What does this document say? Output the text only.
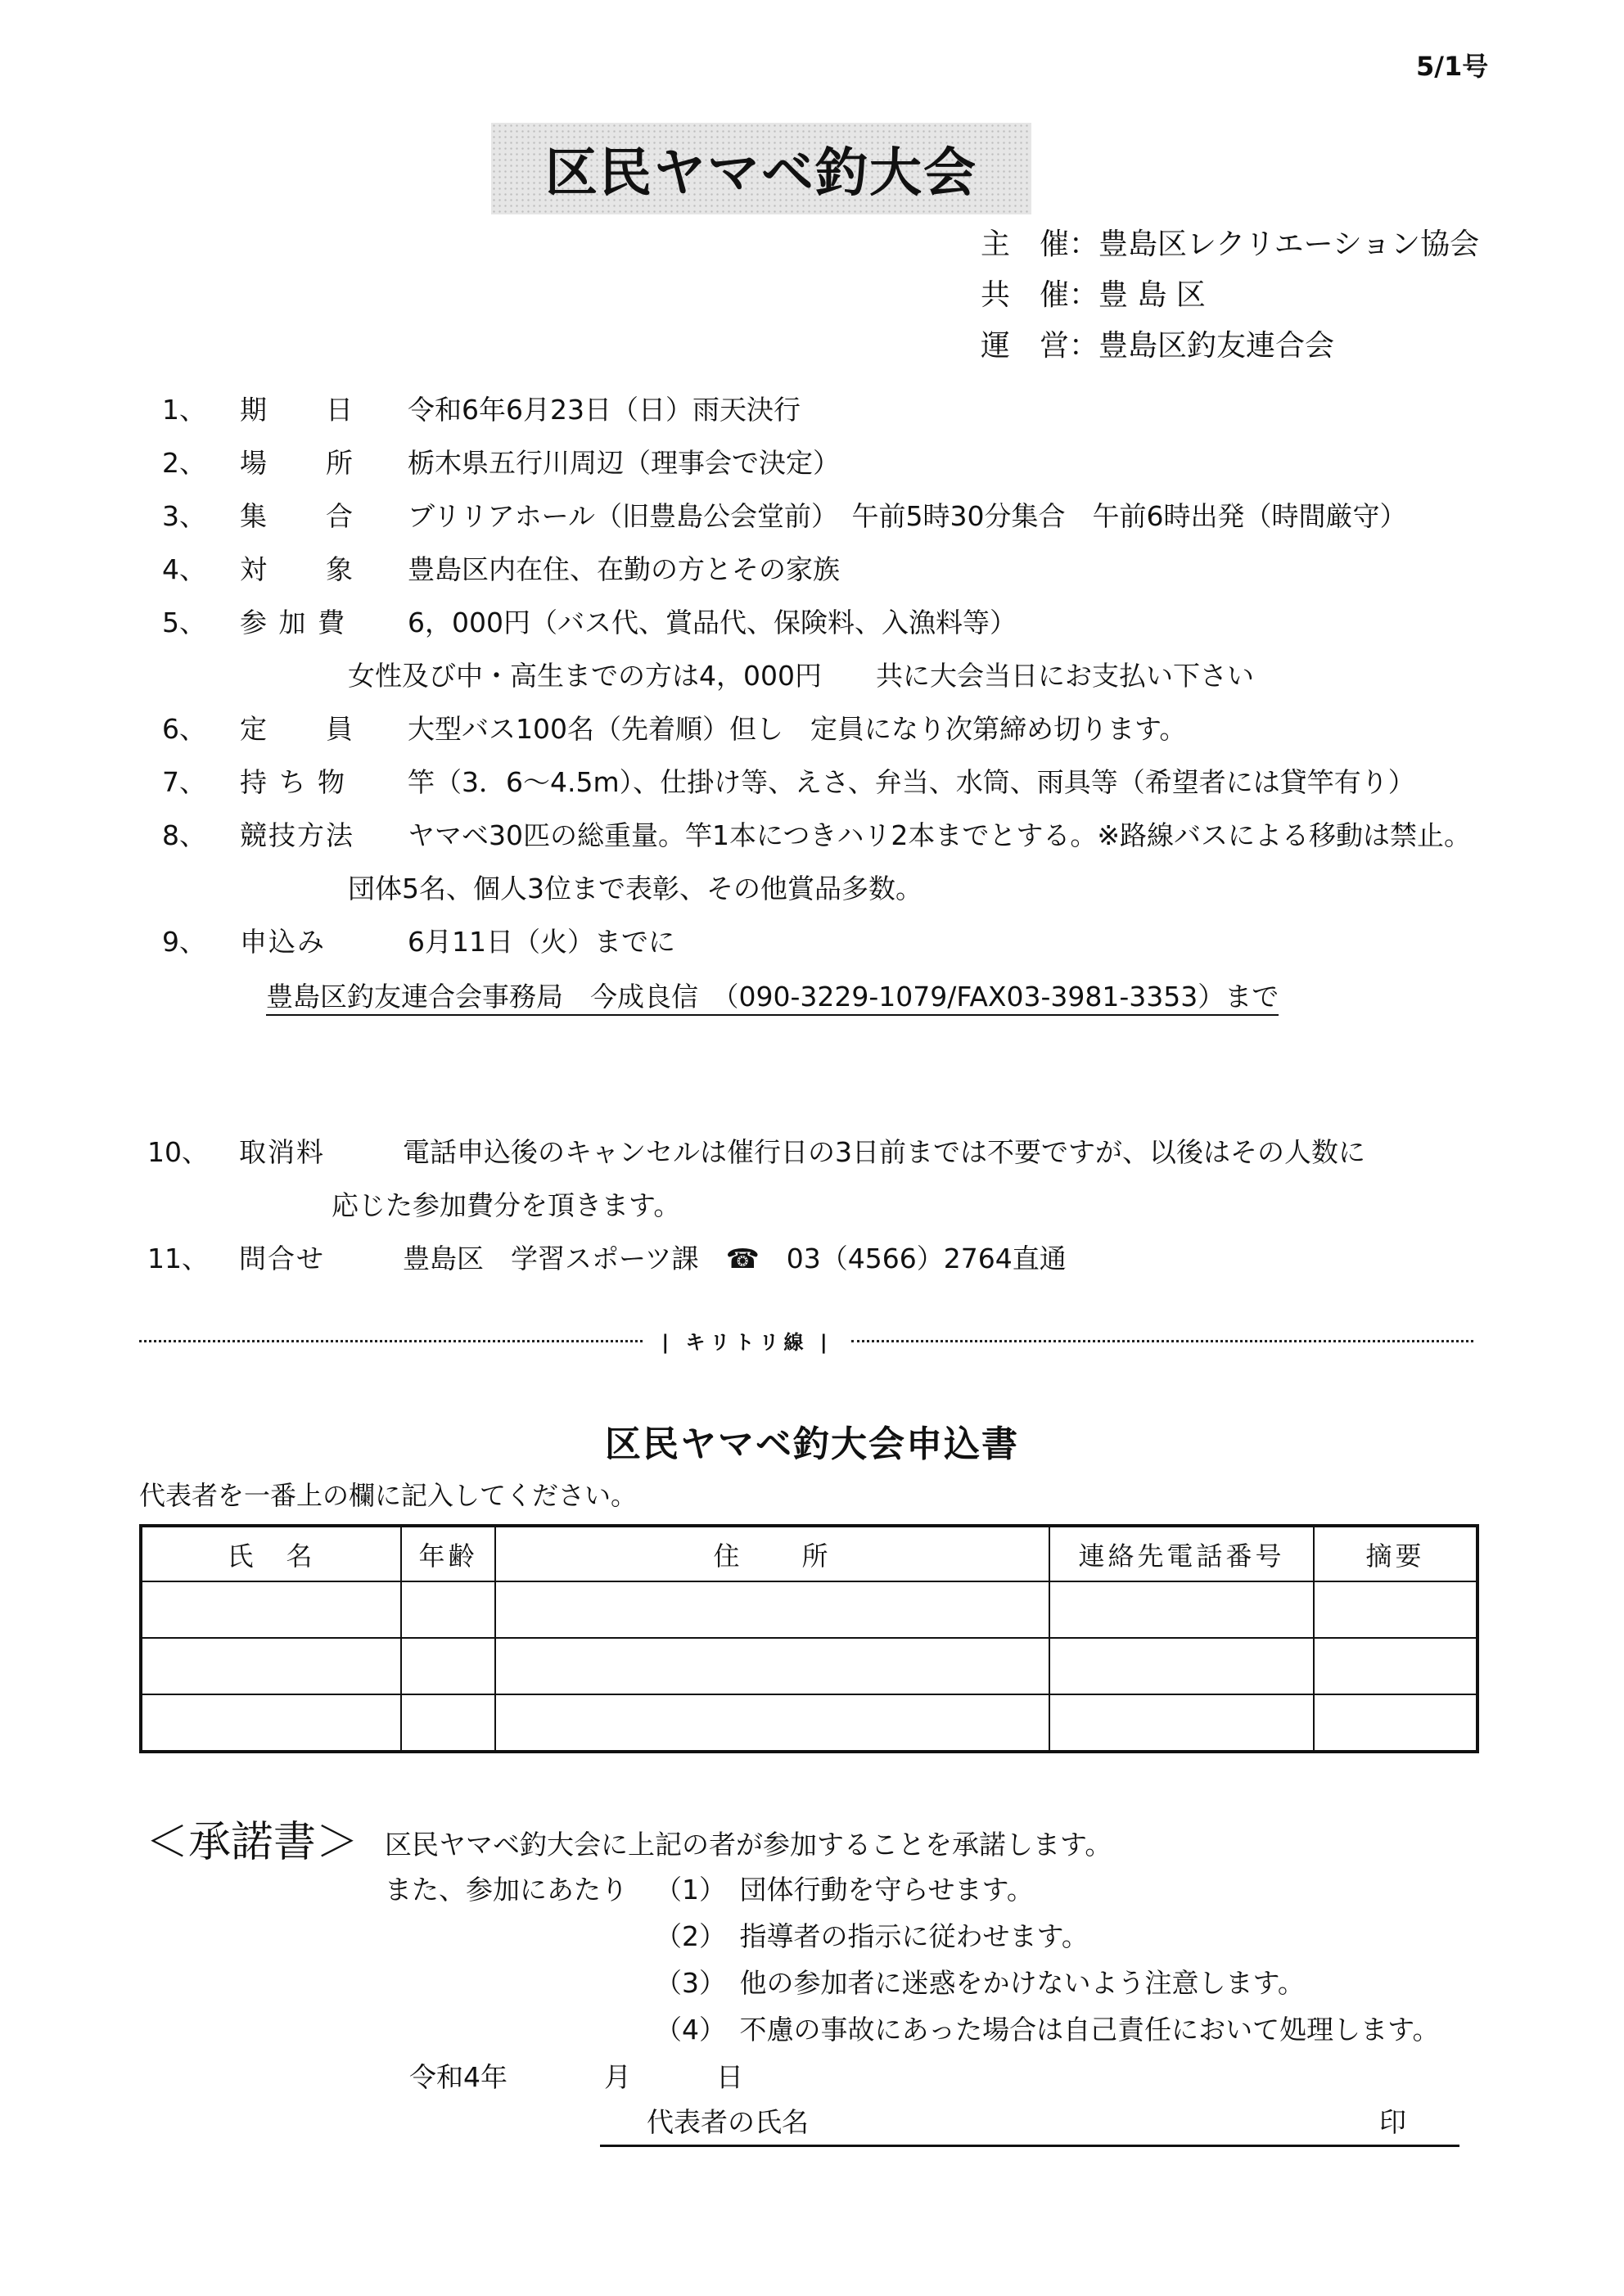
5/1号
区民ヤマベ釣大会
主　催：豊島区レクリエーション協会
共　催：豊 島 区
運　営：豊島区釣友連合会
1、 期　　日 令和6年6月23日（日）雨天決行
2、 場　　所 栃木県五行川周辺（理事会で決定）
3、 集　　合 ブリリアホール（旧豊島公会堂前）　午前5時30分集合　午前6時出発（時間厳守）
4、 対　　象 豊島区内在住、在勤の方とその家族
5、 参 加 費 6，000円（バス代、賞品代、保険料、入漁料等）
女性及び中・高生までの方は4，000円　　共に大会当日にお支払い下さい
6、 定　　員 大型バス100名（先着順）但し　定員になり次第締め切ります。
7、 持 ち 物 竿（3．6～4.5m）、仕掛け等、えさ、弁当、水筒、雨具等（希望者には貸竿有り）
8、 競技方法 ヤマベ30匹の総重量。竿1本につきハリ2本までとする。※路線バスによる移動は禁止。
団体5名、個人3位まで表彰、その他賞品多数。
9、 申込み	6月11日（火）までに
豊島区釣友連合会事務局　今成良信　（090-3229-1079/FAX03-3981-3353）まで
10、 取消料	電話申込後のキャンセルは催行日の3日前までは不要ですが、以後はその人数に
応じた参加費分を頂きます。
11、 問合せ	豊島区　学習スポーツ課　☎　03（4566）2764直通
| キリトリ線 |
区民ヤマベ釣大会申込書
代表者を一番上の欄に記入してください。
氏　名	年齢	住　　所	連絡先電話番号	摘要

＜承諾書＞ 区民ヤマベ釣大会に上記の者が参加することを承諾します。
また、参加にあたり （1）　団体行動を守らせます。
（2）　指導者の指示に従わせます。
（3）　他の参加者に迷惑をかけないよう注意します。
（4）　不慮の事故にあった場合は自己責任において処理します。
令和4年	月	日
代表者の氏名	印
